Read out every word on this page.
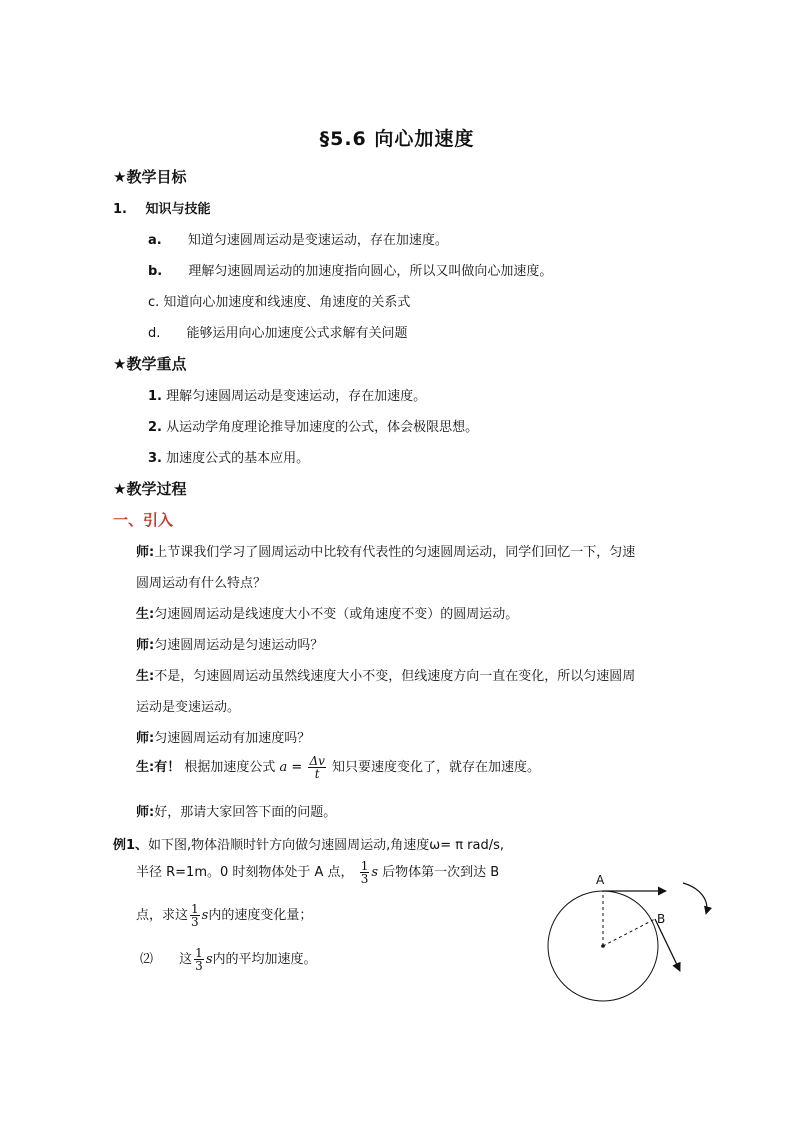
§5.6 向心加速度
★教学目标
1. 知识与技能
a. 知道匀速圆周运动是变速运动，存在加速度。
b. 理解匀速圆周运动的加速度指向圆心，所以又叫做向心加速度。
c. 知道向心加速度和线速度、角速度的关系式
d. 能够运用向心加速度公式求解有关问题
★教学重点
1. 理解匀速圆周运动是变速运动，存在加速度。
2. 从运动学角度理论推导加速度的公式，体会极限思想。
3. 加速度公式的基本应用。
★教学过程
一、引入
师:上节课我们学习了圆周运动中比较有代表性的匀速圆周运动，同学们回忆一下，匀速
圆周运动有什么特点？
生:匀速圆周运动是线速度大小不变（或角速度不变）的圆周运动。
师:匀速圆周运动是匀速运动吗？
生:不是，匀速圆周运动虽然线速度大小不变，但线速度方向一直在变化，所以匀速圆周
运动是变速运动。
师:匀速圆周运动有加速度吗？
生:有！ 根据加速度公式 $a = \frac{\Delta v}{t}$ 知只要速度变化了，就存在加速度。
师:好，那请大家回答下面的问题。
例1、如下图,物体沿顺时针方向做匀速圆周运动,角速度ω= π rad/s,
半径 R=1m。0 时刻物体处于 A 点， $\frac{1}{3}$ s 后物体第一次到达 B
点，求这 $\frac{1}{3}$ s内的速度变化量；
⑵ 这 $\frac{1}{3}$ s内的平均加速度。
A
B
